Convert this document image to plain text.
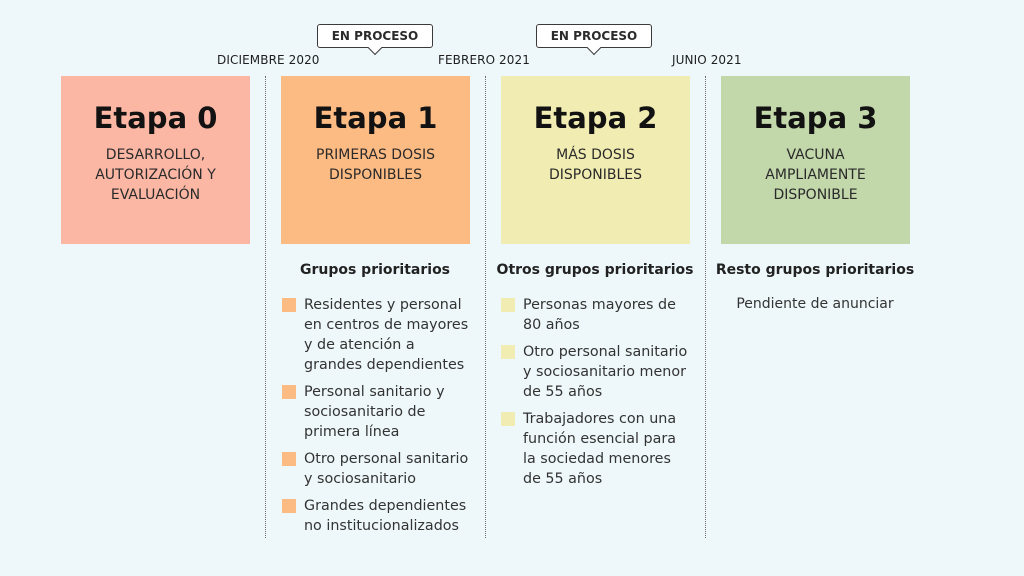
DICIEMBRE 2020	FEBRERO 2021	JUNIO 2021
EN PROCESO	EN PROCESO
Etapa 0
DESARROLLO, AUTORIZACIÓN Y EVALUACIÓN
Etapa 1
PRIMERAS DOSIS DISPONIBLES
Etapa 2
MÁS DOSIS DISPONIBLES
Etapa 3
VACUNA AMPLIAMENTE DISPONIBLE
Grupos prioritarios	Otros grupos prioritarios	Resto grupos prioritarios
Residentes y personal en centros de mayores y de atención a grandes dependientes
Personal sanitario y sociosanitario de primera línea
Otro personal sanitario y sociosanitario
Grandes dependientes no institucionalizados
Personas mayores de 80 años
Otro personal sanitario y sociosanitario menor de 55 años
Trabajadores con una función esencial para la sociedad menores de 55 años
Pendiente de anunciar
